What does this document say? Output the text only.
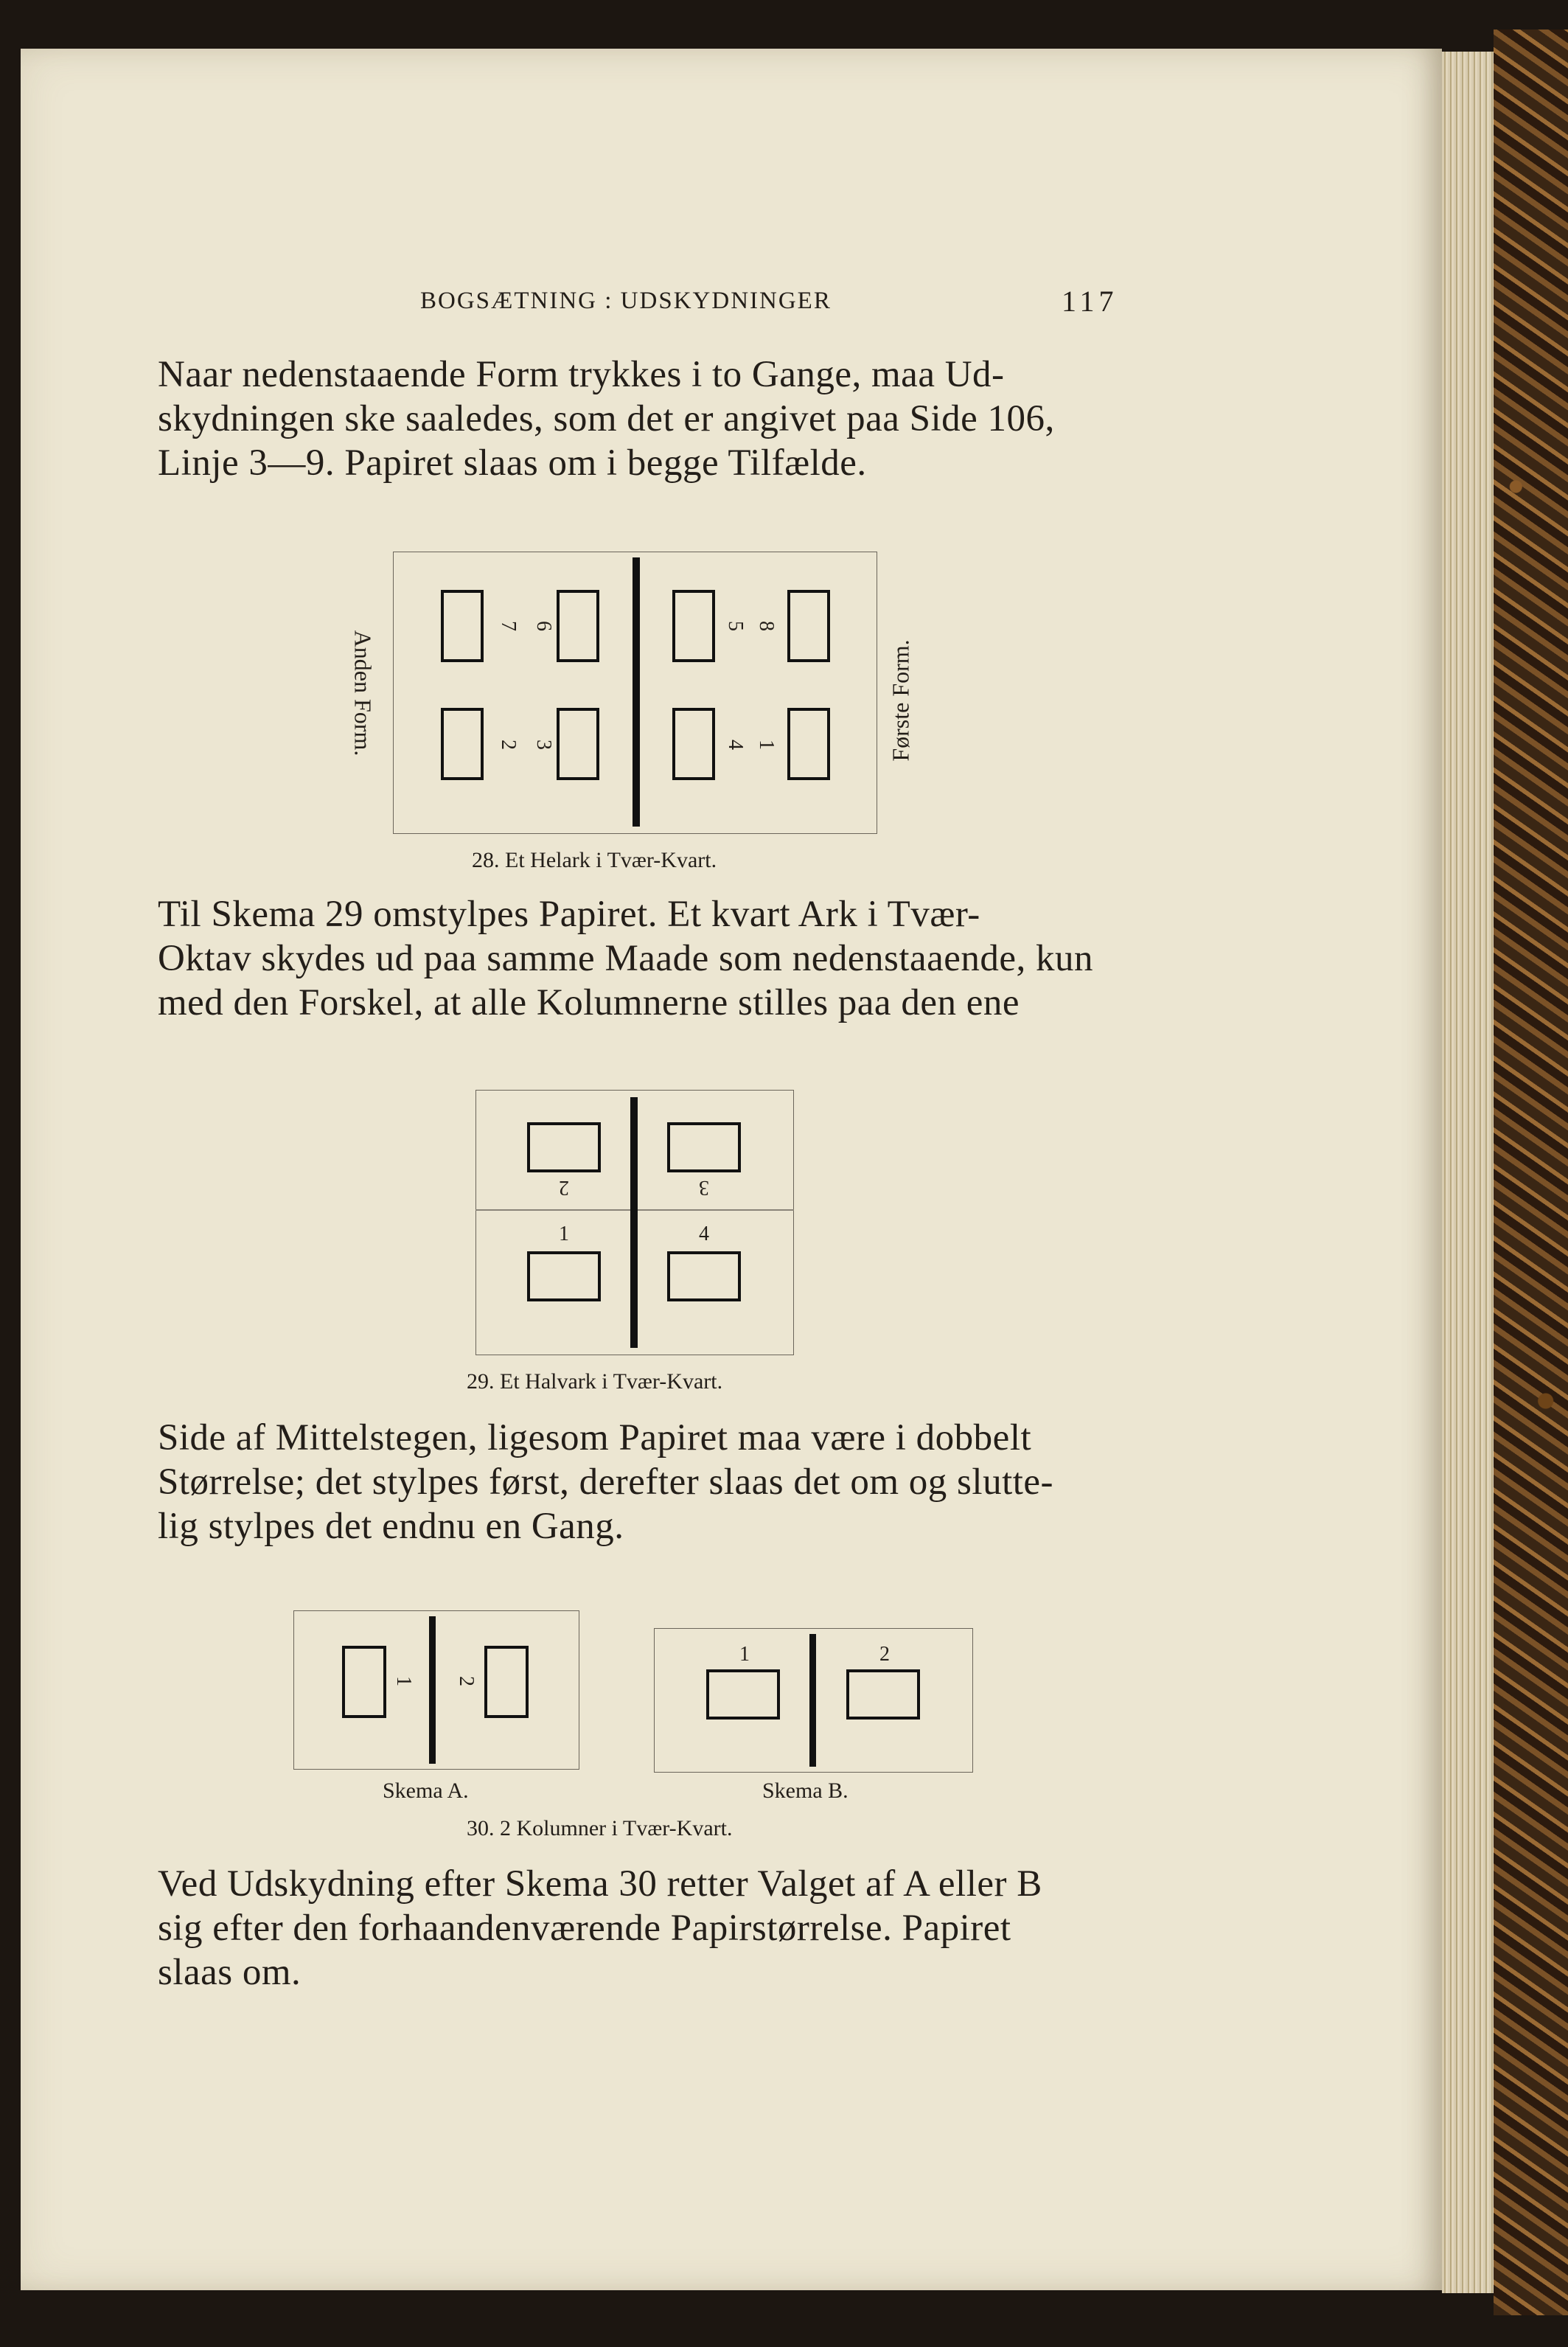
BOGSÆTNING : UDSKYDNINGER	117
Naar nedenstaaende Form trykkes i to Gange, maa Ud-
skydningen ske saaledes, som det er angivet paa Side 106,
Linje 3—9. Papiret slaas om i begge Tilfælde.
Anden Form.	Første Form.
7 6	5 8
2 3	4 1
28. Et Helark i Tvær-Kvart.
Til Skema 29 omstylpes Papiret. Et kvart Ark i Tvær-
Oktav skydes ud paa samme Maade som nedenstaaende, kun
med den Forskel, at alle Kolumnerne stilles paa den ene
2	3
1	4
29. Et Halvark i Tvær-Kvart.
Side af Mittelstegen, ligesom Papiret maa være i dobbelt
Størrelse; det stylpes først, derefter slaas det om og slutte-
lig stylpes det endnu en Gang.
1 2
Skema A.
1	2
Skema B.
30. 2 Kolumner i Tvær-Kvart.
Ved Udskydning efter Skema 30 retter Valget af A eller B
sig efter den forhaandenværende Papirstørrelse. Papiret
slaas om.
